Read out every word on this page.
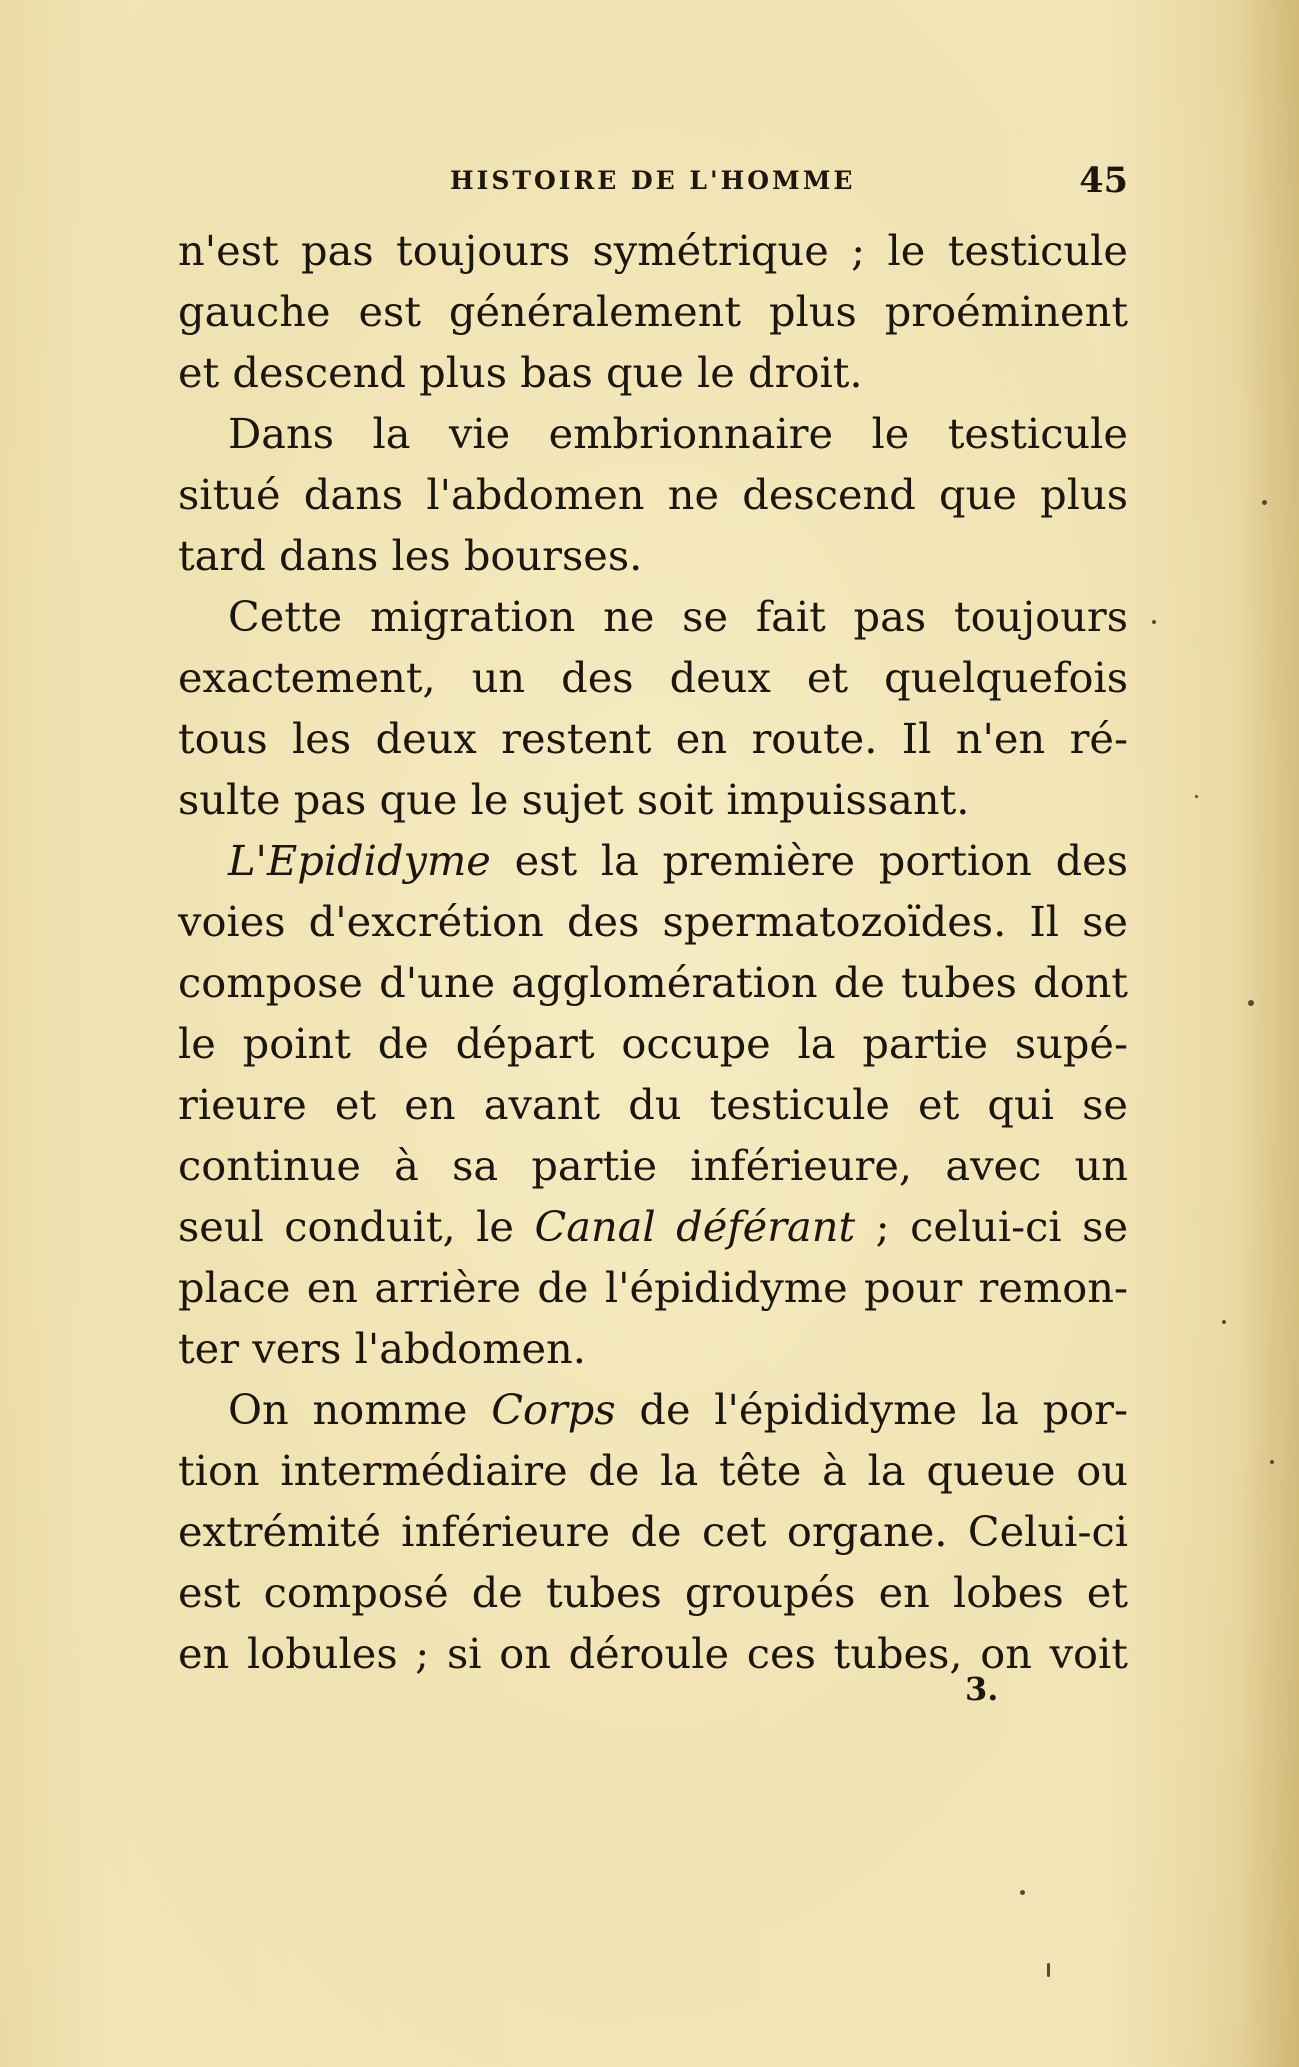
HISTOIRE DE L'HOMME	45
n'est pas toujours symétrique ; le testicule
gauche est généralement plus proéminent
et descend plus bas que le droit.
Dans la vie embrionnaire le testicule
situé dans l'abdomen ne descend que plus
tard dans les bourses.
Cette migration ne se fait pas toujours
exactement, un des deux et quelquefois
tous les deux restent en route. Il n'en ré-
sulte pas que le sujet soit impuissant.
L'Epididyme est la première portion des
voies d'excrétion des spermatozoïdes. Il se
compose d'une agglomération de tubes dont
le point de départ occupe la partie supé-
rieure et en avant du testicule et qui se
continue à sa partie inférieure, avec un
seul conduit, le Canal déférant ; celui-ci se
place en arrière de l'épididyme pour remon-
ter vers l'abdomen.
On nomme Corps de l'épididyme la por-
tion intermédiaire de la tête à la queue ou
extrémité inférieure de cet organe. Celui-ci
est composé de tubes groupés en lobes et
en lobules ; si on déroule ces tubes, on voit
3.
